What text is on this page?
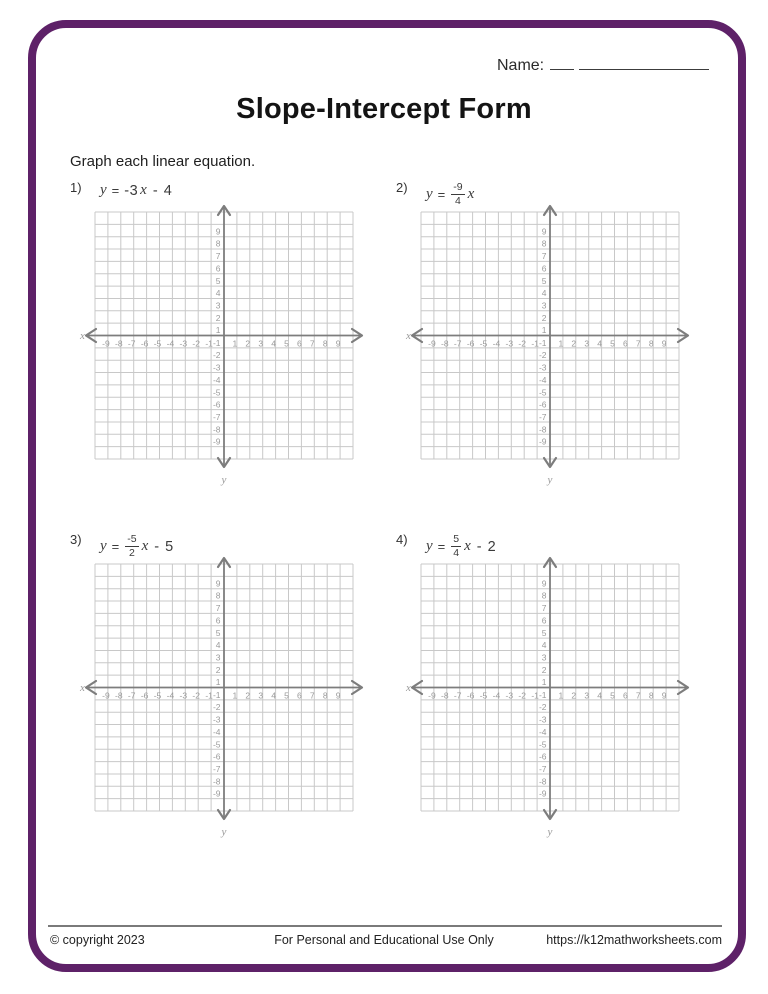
Name:
Slope-Intercept Form
Graph each linear equation.
1) y = -3 x - 4
-9 -8 -7 -6 -5 -4 -3 -2 -1 1 2 3 4 5 6 7 8 9
9
8
7
6
5
4
3
2
1
-1
-2
-3
-4
-5
-6
-7
-8
-9
x
y
2) $y = \frac{-9}{4}$ x
-9 -8 -7 -6 -5 -4 -3 -2 -1 1 2 3 4 5 6 7 8 9
9
8
7
6
5
4
3
2
1
-1
-2
-3
-4
-5
-6
-7
-8
-9
x
y
3) $y = \frac{-5}{2}$ x - 5
-9 -8 -7 -6 -5 -4 -3 -2 -1 1 2 3 4 5 6 7 8 9
9
8
7
6
5
4
3
2
1
-1
-2
-3
-4
-5
-6
-7
-8
-9
x
y
4) $y = \frac{5}{4}$ x - 2
-9 -8 -7 -6 -5 -4 -3 -2 -1 1 2 3 4 5 6 7 8 9
9
8
7
6
5
4
3
2
1
-1
-2
-3
-4
-5
-6
-7
-8
-9
x
y
© copyright 2023	For Personal and Educational Use Only	https://k12mathworksheets.com
